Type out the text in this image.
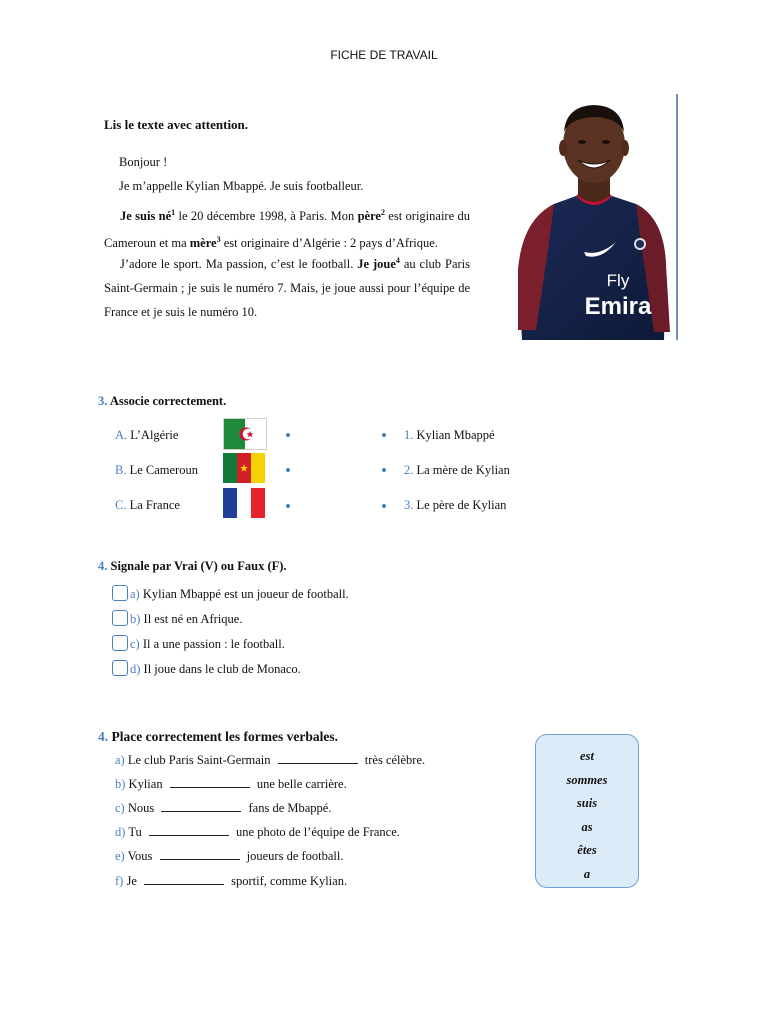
FICHE DE TRAVAIL
Lis le texte avec attention.
Bonjour !
Je m’appelle Kylian Mbappé. Je suis footballeur.
Je suis $né^1$ le 20 décembre 1998, à Paris. Mon père$^2$ est originaire du Cameroun et ma mère$^3$ est originaire d’Algérie : 2 pays d’Afrique.
J’adore le sport. Ma passion, c’est le football. Je joue$^4$ au club Paris Saint-Germain ; je suis le numéro 7. Mais, je joue aussi pour l’équipe de France et je suis le numéro 10.
Fly
Emira
3. Associe correctement.
A. L’Algérie
B. Le Cameroun
C. La France
1. Kylian Mbappé
2. La mère de Kylian
3. Le père de Kylian
4. Signale par Vrai (V) ou Faux (F).
a) Kylian Mbappé est un joueur de football.
b) Il est né en Afrique.
c) Il a une passion : le football.
d) Il joue dans le club de Monaco.
4. Place correctement les formes verbales.
a) Le club Paris Saint-Germain	très célèbre.
b) Kylian	une belle carrière.
c) Nous	fans de Mbappé.
d) Tu	une photo de l’équipe de France.
e) Vous	joueurs de football.
f) Je	sportif, comme Kylian.
est
sommes
suis
as
êtes
a
